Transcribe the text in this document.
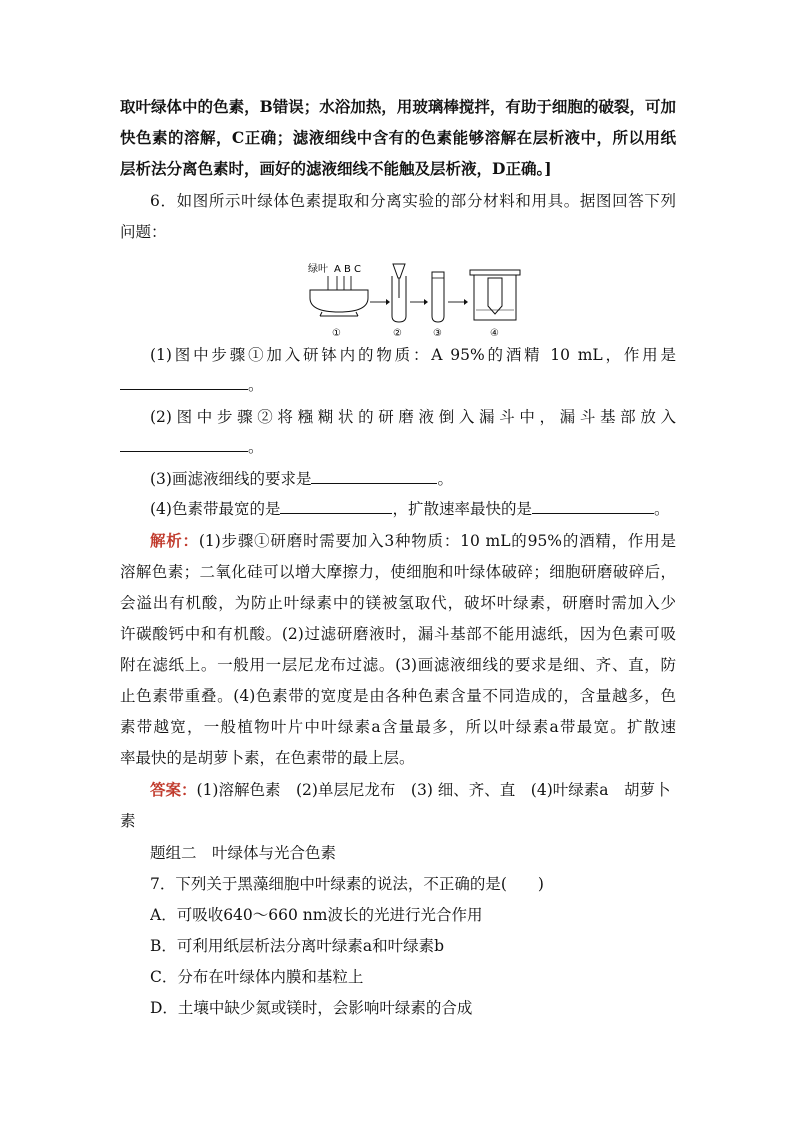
取叶绿体中的色素，B错误；水浴加热，用玻璃棒搅拌，有助于细胞的破裂，可加
快色素的溶解，C正确；滤液细线中含有的色素能够溶解在层析液中，所以用纸
层析法分离色素时，画好的滤液细线不能触及层析液，D正确。]
6．如图所示叶绿体色素提取和分离实验的部分材料和用具。据图回答下列
问题：
绿叶 A B C
①	②	③	④
(1)图中步骤①加入研钵内的物质：A 95%的酒精 10 mL，作用是
。
(2)图中步骤②将糨糊状的研磨液倒入漏斗中，漏斗基部放入
。
(3)画滤液细线的要求是	。
(4)色素带最宽的是	，扩散速率最快的是	。
解析：(1)步骤①研磨时需要加入3种物质：10 mL的95%的酒精，作用是
溶解色素；二氧化硅可以增大摩擦力，使细胞和叶绿体破碎；细胞研磨破碎后，
会溢出有机酸，为防止叶绿素中的镁被氢取代，破坏叶绿素，研磨时需加入少
许碳酸钙中和有机酸。(2)过滤研磨液时，漏斗基部不能用滤纸，因为色素可吸
附在滤纸上。一般用一层尼龙布过滤。(3)画滤液细线的要求是细、齐、直，防
止色素带重叠。(4)色素带的宽度是由各种色素含量不同造成的，含量越多，色
素带越宽，一般植物叶片中叶绿素a含量最多，所以叶绿素a带最宽。扩散速
率最快的是胡萝卜素，在色素带的最上层。
答案：(1)溶解色素　(2)单层尼龙布　(3) 细、齐、直　(4)叶绿素a　胡萝卜
素
题组二　叶绿体与光合色素
7．下列关于黑藻细胞中叶绿素的说法，不正确的是(　　)
A．可吸收640～660 nm波长的光进行光合作用
B．可利用纸层析法分离叶绿素a和叶绿素b
C．分布在叶绿体内膜和基粒上
D．土壤中缺少氮或镁时，会影响叶绿素的合成
